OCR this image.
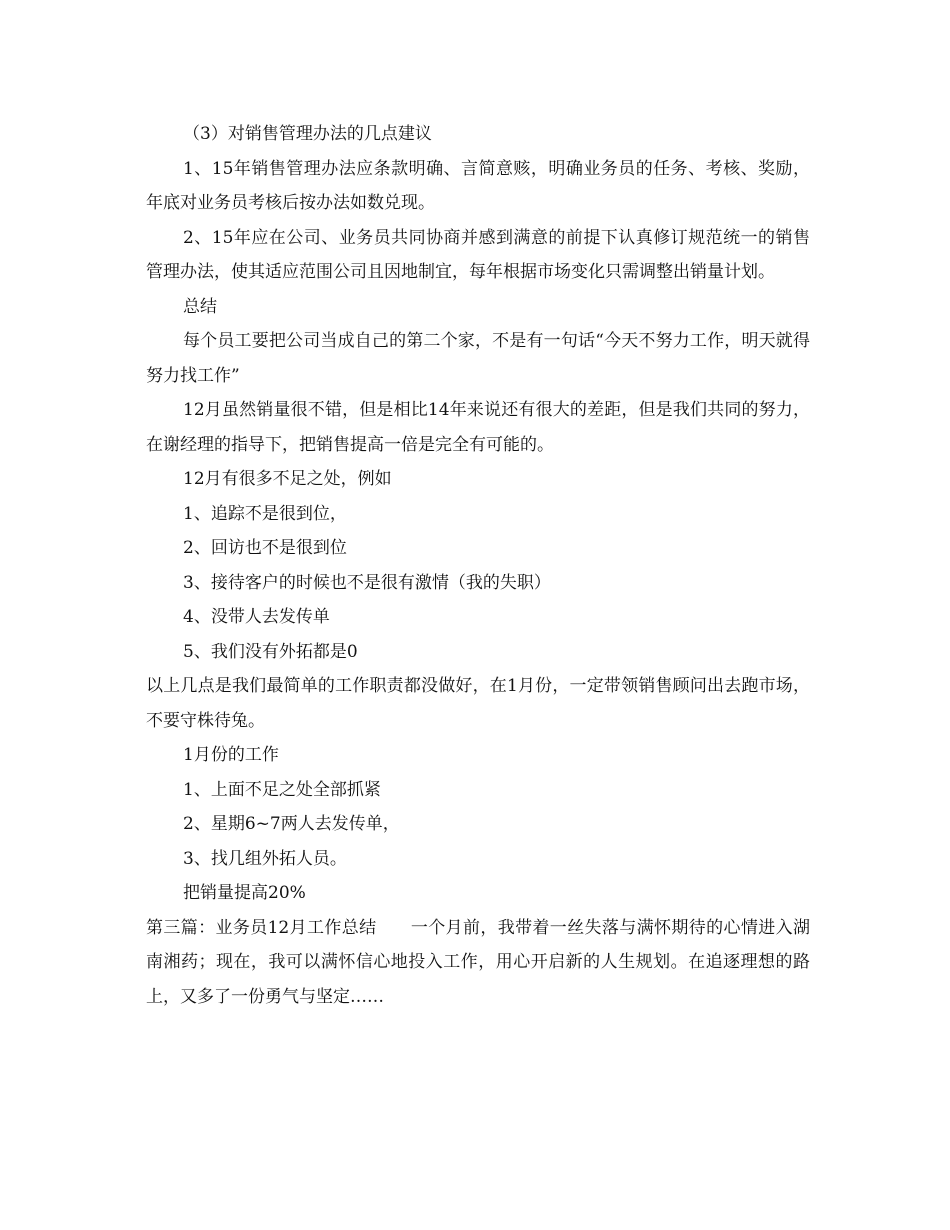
（3）对销售管理办法的几点建议

1、15年销售管理办法应条款明确、言简意赅，明确业务员的任务、考核、奖励，年底对业务员考核后按办法如数兑现。

2、15年应在公司、业务员共同协商并感到满意的前提下认真修订规范统一的销售管理办法，使其适应范围公司且因地制宜，每年根据市场变化只需调整出销量计划。

总结

每个员工要把公司当成自己的第二个家，不是有一句话“今天不努力工作，明天就得努力找工作”

12月虽然销量很不错，但是相比14年来说还有很大的差距，但是我们共同的努力，在谢经理的指导下，把销售提高一倍是完全有可能的。

12月有很多不足之处，例如

1、追踪不是很到位，

2、回访也不是很到位

3、接待客户的时候也不是很有激情（我的失职）

4、没带人去发传单

5、我们没有外拓都是0

以上几点是我们最简单的工作职责都没做好，在1月份，一定带领销售顾问出去跑市场，不要守株待兔。

1月份的工作

1、上面不足之处全部抓紧

2、星期6~7两人去发传单，

3、找几组外拓人员。

把销量提高20%

第三篇：业务员12月工作总结 一个月前，我带着一丝失落与满怀期待的心情进入湖南湘药；现在，我可以满怀信心地投入工作，用心开启新的人生规划。在追逐理想的路上，又多了一份勇气与坚定……
